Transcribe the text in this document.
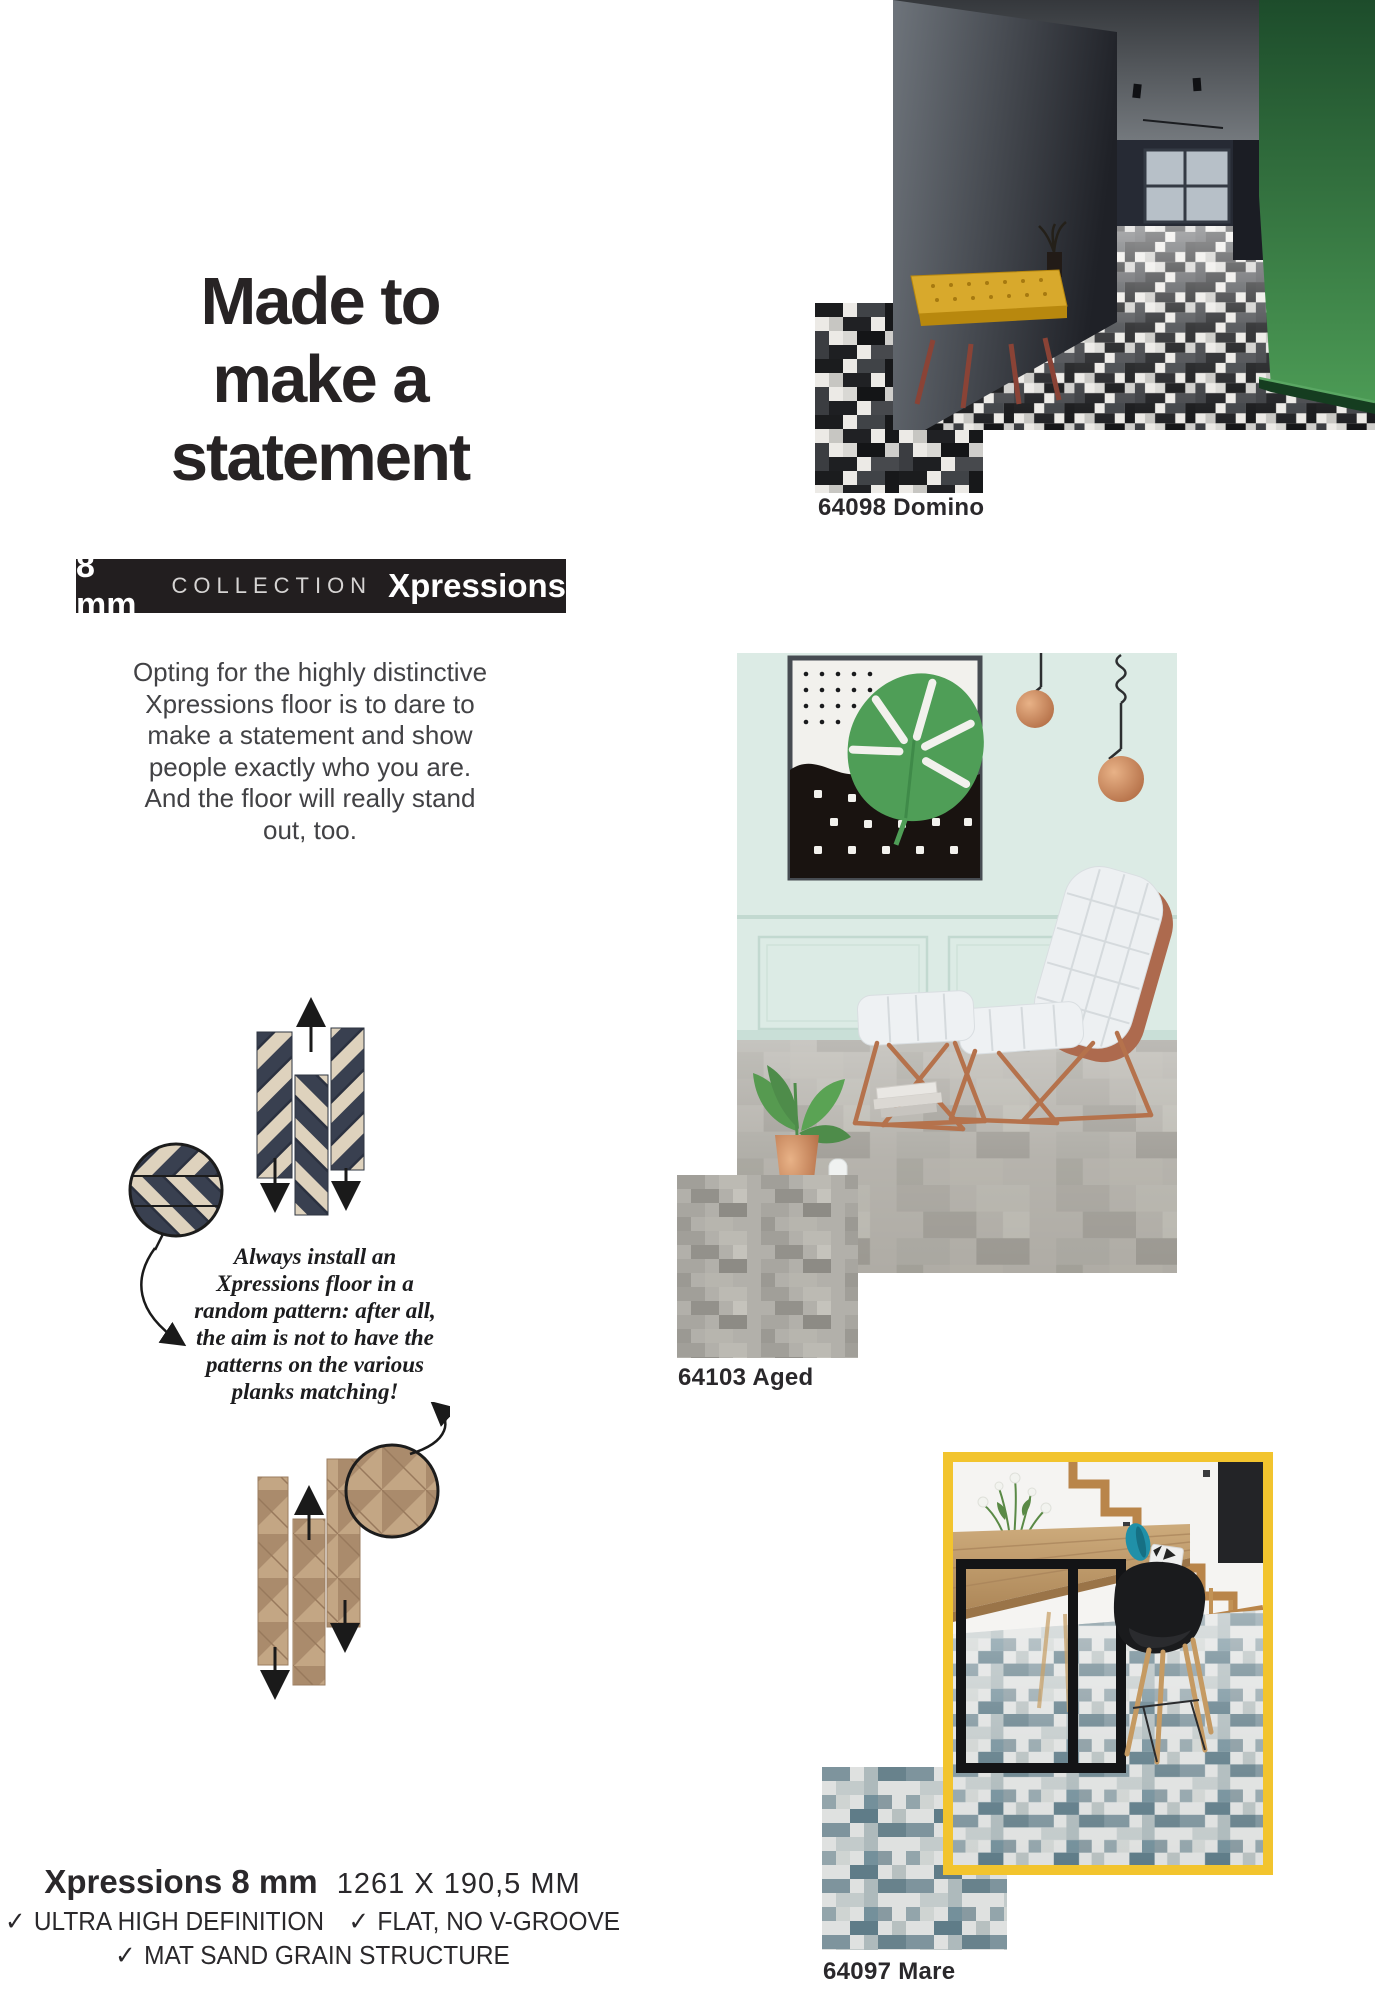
Made to
make a
statement
8 mm
COLLECTION Xpressions
Opting for the highly distinctive
Xpressions floor is to dare to
make a statement and show
people exactly who you are.
And the floor will really stand
out, too.
Always install an
Xpressions floor in a
random pattern: after all,
the aim is not to have the
patterns on the various
planks matching!
Xpressions 8 mm 1261 X 190,5 MM
✓ ULTRA HIGH DEFINITION ✓ FLAT, NO V-GROOVE
✓ MAT SAND GRAIN STRUCTURE
64098 Domino
64103 Aged
64097 Mare
